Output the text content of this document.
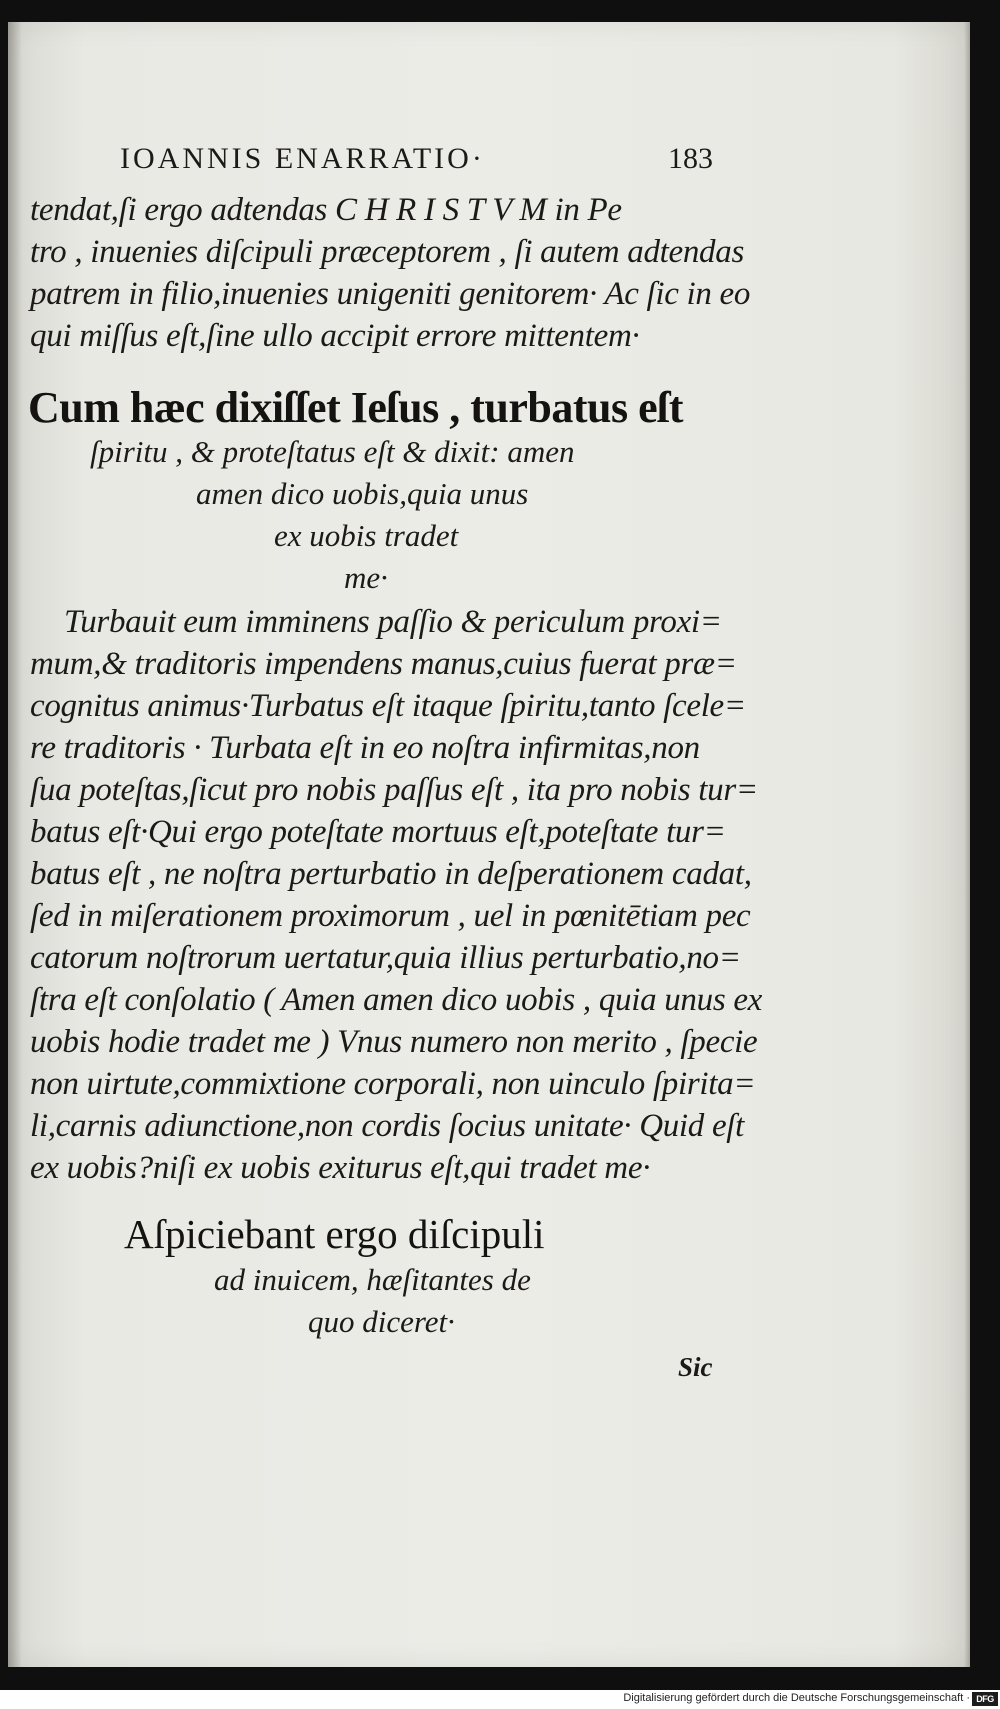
IOANNIS ENARRATIO·	183
tendat,ſi ergo adtendas C H R I S T V M in Pe
tro , inuenies diſcipuli præceptorem , ſi autem adtendas
patrem in filio,inuenies unigeniti genitorem· Ac ſic in eo
qui miſſus eſt,ſine ullo accipit errore mittentem·
Cum hæc dixiſſet Ieſus , turbatus eſt
ſpiritu , & proteſtatus eſt & dixit: amen
amen dico uobis,quia unus
ex uobis tradet
me·
Turbauit eum imminens paſſio & periculum proxi=
mum,& traditoris impendens manus,cuius fuerat præ=
cognitus animus·Turbatus eſt itaque ſpiritu,tanto ſcele=
re traditoris · Turbata eſt in eo noſtra infirmitas,non
ſua poteſtas,ſicut pro nobis paſſus eſt , ita pro nobis tur=
batus eſt·Qui ergo poteſtate mortuus eſt,poteſtate tur=
batus eſt , ne noſtra perturbatio in deſperationem cadat,
ſed in miſerationem proximorum , uel in pœnitētiam pec
catorum noſtrorum uertatur,quia illius perturbatio,no=
ſtra eſt conſolatio ( Amen amen dico uobis , quia unus ex
uobis hodie tradet me ) Vnus numero non merito , ſpecie
non uirtute,commixtione corporali, non uinculo ſpirita=
li,carnis adiunctione,non cordis ſocius unitate· Quid eſt
ex uobis?niſi ex uobis exiturus eſt,qui tradet me·
Aſpiciebant ergo diſcipuli
ad inuicem, hæſitantes de
quo diceret·
Sic
Digitalisierung gefördert durch die Deutsche Forschungsgemeinschaft · DFG
